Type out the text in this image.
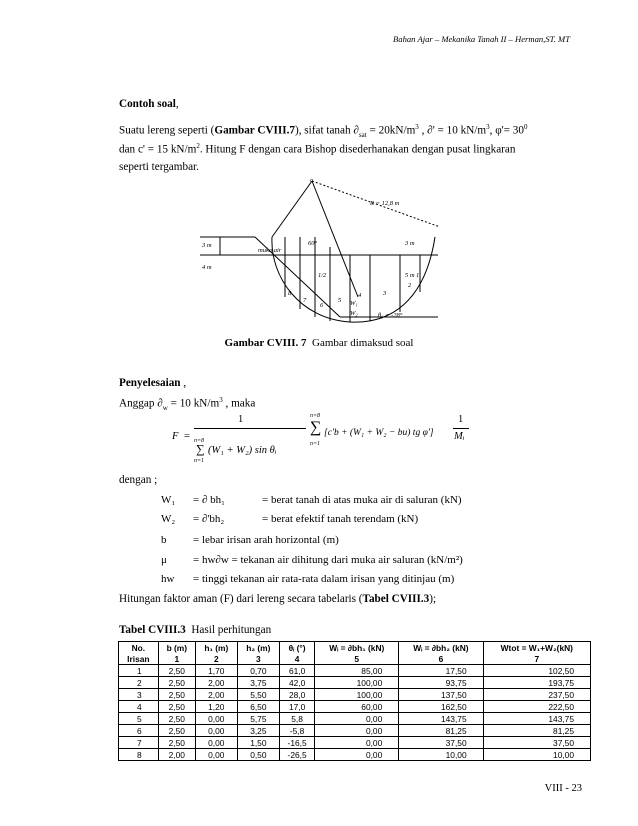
Bahan Ajar – Mekanika Tanah II – Herman,ST. MT
Contoh soal,
Suatu lereng seperti (Gambar CVIII.7), sifat tanah $\partial_{sat} = 20kN/m^3$ , ∂' = 10 $kN/m^3$, $\varphi'= 30^0$
dan c' = 15 $kN/m^2$. Hitung F dengan cara Bishop disederhanakan dengan pusat lingkaran
seperti tergambar.
o
R = 12,8 m
3 m
4 m
5 m
3 m
muka air
W₁
W₂	θ₆ = -28°
60°
1/2	1
2
3
4
5
6
7
8
Gambar CVIII. 7 Gambar dimaksud soal
Penyelesaian ,
Anggap $\partial_w = 10$ $kN/m^3$ , maka
F =
1
n=8
∑
n=1
(W₁ + W₂) sin θᵢ
n=8
∑
n=1
[c'b + (W₁ + W₂ − bu) tg φ']
1
Mᵢ
dengan ;
W₁ = ∂ bh₁	= berat tanah di atas muka air di saluran (kN)
W₂ = ∂'bh₂	= berat efektif tanah terendam (kN)
b = lebar irisan arah horizontal (m)
μ = hw∂w = tekanan air dihitung dari muka air saluran (kN/m²)
hw = tinggi tekanan air rata-rata dalam irisan yang ditinjau (m)
Hitungan faktor aman (F) dari lereng secara tabelaris (Tabel CVIII.3);
Tabel CVIII.3 Hasil perhitungan
No.	b (m)	h₁ (m)	h₂ (m)	θᵢ (°)	Wᵢ = ∂bh₁ (kN)	Wᵢ = ∂bh₂ (kN)	Wtot = W₁+W₂(kN)
Irisan	1	2	3	4	5	6	7
1	2,50	1,70	0,70	61,0	85,00	17,50	102,50
2	2,50	2,00	3,75	42,0	100,00	93,75	193,75
3	2,50	2,00	5,50	28,0	100,00	137,50	237,50
4	2,50	1,20	6,50	17,0	60,00	162,50	222,50
5	2,50	0,00	5,75	5,8	0,00	143,75	143,75
6	2,50	0,00	3,25	-5,8	0,00	81,25	81,25
7	2,50	0,00	1,50	-16,5	0,00	37,50	37,50
8	2,00	0,00	0,50	-26,5	0,00	10,00	10,00
VIII - 23
